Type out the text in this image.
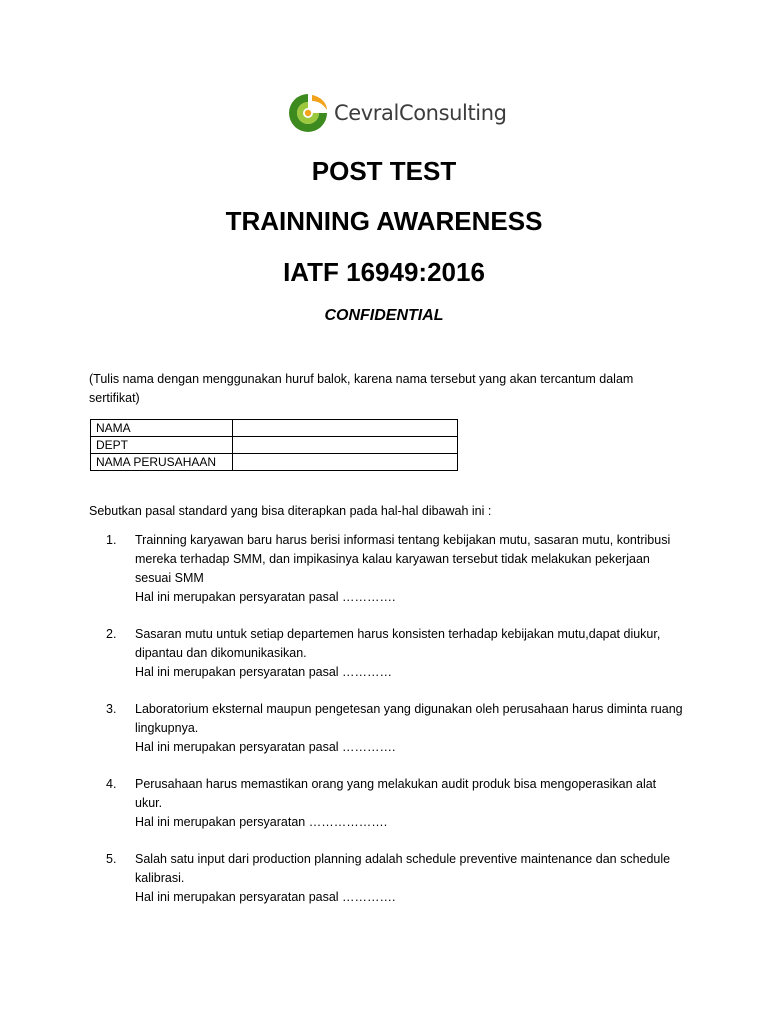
CevralConsulting
POST TEST
TRAINNING AWARENESS
IATF 16949:2016
CONFIDENTIAL
(Tulis nama dengan menggunakan huruf balok, karena nama tersebut yang akan tercantum dalam sertifikat)
NAMA	
DEPT	
NAMA PERUSAHAAN	
Sebutkan pasal standard yang bisa diterapkan pada hal-hal dibawah ini :
1. Trainning karyawan baru harus berisi informasi tentang kebijakan mutu, sasaran mutu, kontribusi mereka terhadap SMM, dan impikasinya kalau karyawan tersebut tidak melakukan pekerjaan sesuai SMM
Hal ini merupakan persyaratan pasal ………….
2. Sasaran mutu untuk setiap departemen harus konsisten terhadap kebijakan mutu,dapat diukur, dipantau dan dikomunikasikan.
Hal ini merupakan persyaratan pasal …………
3. Laboratorium eksternal maupun pengetesan yang digunakan oleh perusahaan harus diminta ruang lingkupnya.
Hal ini merupakan persyaratan pasal ………….
4. Perusahaan harus memastikan orang yang melakukan audit produk bisa mengoperasikan alat ukur.
Hal ini merupakan persyaratan ……………….
5. Salah satu input dari production planning adalah schedule preventive maintenance dan schedule kalibrasi.
Hal ini merupakan persyaratan pasal ………….
